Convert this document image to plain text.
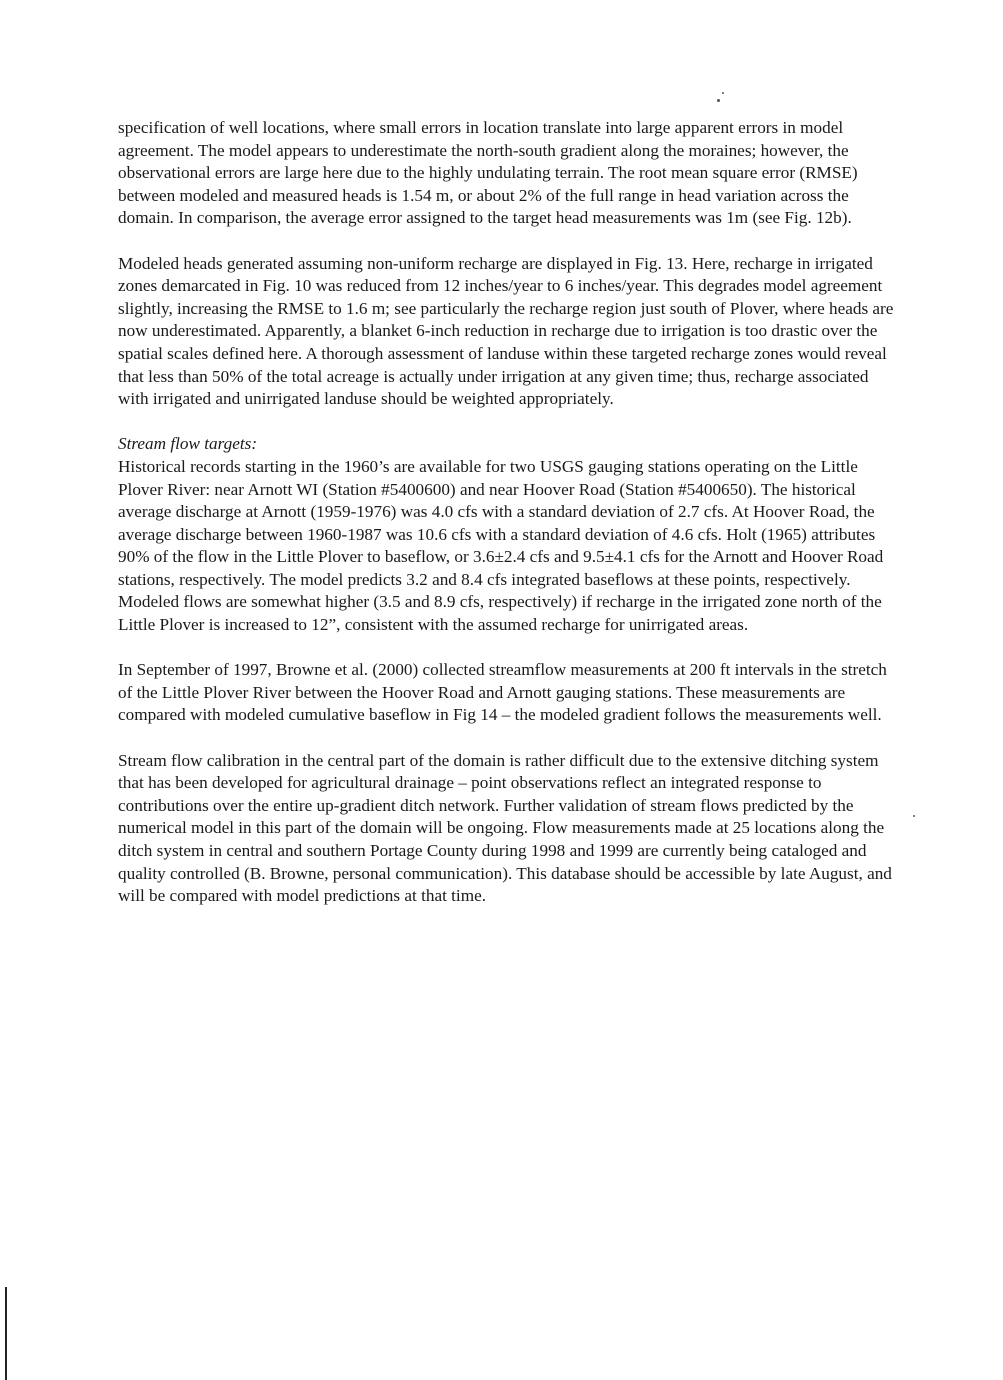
specification of well locations, where small errors in location translate into large apparent errors in model agreement. The model appears to underestimate the north-south gradient along the moraines; however, the observational errors are large here due to the highly undulating terrain. The root mean square error (RMSE) between modeled and measured heads is 1.54 m, or about 2% of the full range in head variation across the domain. In comparison, the average error assigned to the target head measurements was 1m (see Fig. 12b).

Modeled heads generated assuming non-uniform recharge are displayed in Fig. 13. Here, recharge in irrigated zones demarcated in Fig. 10 was reduced from 12 inches/year to 6 inches/year. This degrades model agreement slightly, increasing the RMSE to 1.6 m; see particularly the recharge region just south of Plover, where heads are now underestimated. Apparently, a blanket 6-inch reduction in recharge due to irrigation is too drastic over the spatial scales defined here. A thorough assessment of landuse within these targeted recharge zones would reveal that less than 50% of the total acreage is actually under irrigation at any given time; thus, recharge associated with irrigated and unirrigated landuse should be weighted appropriately.

Stream flow targets:
Historical records starting in the 1960’s are available for two USGS gauging stations operating on the Little Plover River: near Arnott WI (Station #5400600) and near Hoover Road (Station #5400650). The historical average discharge at Arnott (1959-1976) was 4.0 cfs with a standard deviation of 2.7 cfs. At Hoover Road, the average discharge between 1960-1987 was 10.6 cfs with a standard deviation of 4.6 cfs. Holt (1965) attributes 90% of the flow in the Little Plover to baseflow, or 3.6±2.4 cfs and 9.5±4.1 cfs for the Arnott and Hoover Road stations, respectively. The model predicts 3.2 and 8.4 cfs integrated baseflows at these points, respectively. Modeled flows are somewhat higher (3.5 and 8.9 cfs, respectively) if recharge in the irrigated zone north of the Little Plover is increased to 12”, consistent with the assumed recharge for unirrigated areas.

In September of 1997, Browne et al. (2000) collected streamflow measurements at 200 ft intervals in the stretch of the Little Plover River between the Hoover Road and Arnott gauging stations. These measurements are compared with modeled cumulative baseflow in Fig 14 – the modeled gradient follows the measurements well.

Stream flow calibration in the central part of the domain is rather difficult due to the extensive ditching system that has been developed for agricultural drainage – point observations reflect an integrated response to contributions over the entire up-gradient ditch network. Further validation of stream flows predicted by the numerical model in this part of the domain will be ongoing. Flow measurements made at 25 locations along the ditch system in central and southern Portage County during 1998 and 1999 are currently being cataloged and quality controlled (B. Browne, personal communication). This database should be accessible by late August, and will be compared with model predictions at that time.
